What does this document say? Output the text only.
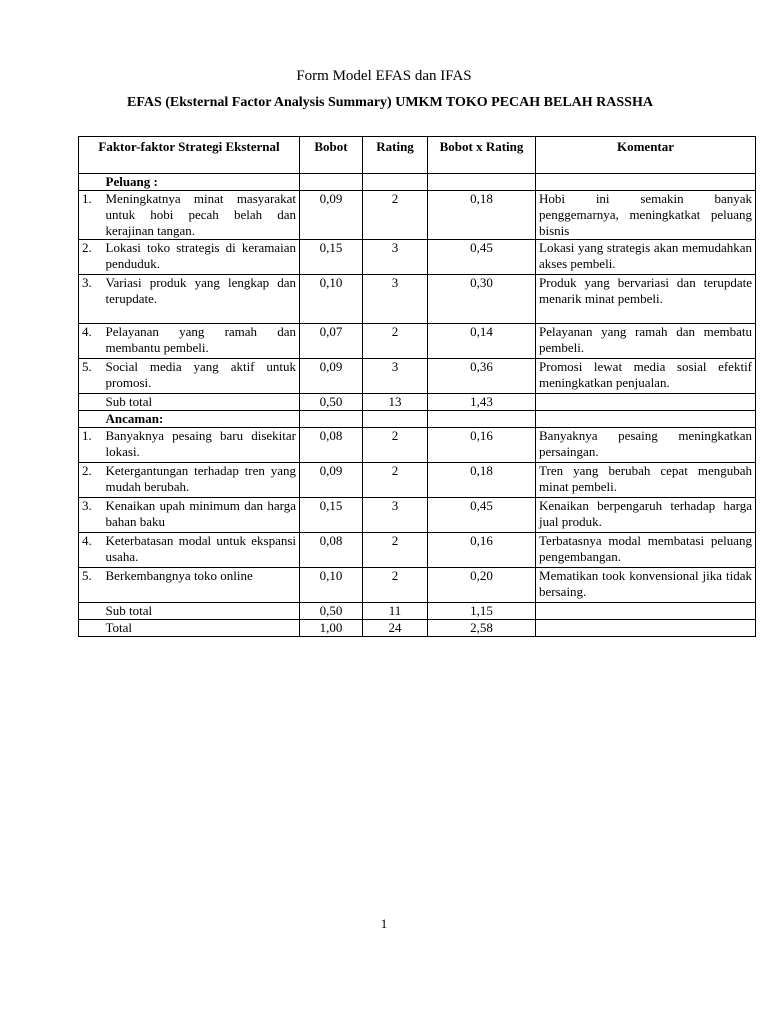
Form Model EFAS dan IFAS
EFAS (Eksternal Factor Analysis Summary) UMKM TOKO PECAH BELAH RASSHA
Faktor-faktor Strategi Eksternal		Bobot	Rating	Bobot x Rating	Komentar
	Peluang :				
1.	Meningkatnya minat masyarakat untuk hobi pecah belah dan kerajinan tangan.	0,09	2	0,18	Hobi ini semakin banyak penggemarnya, meningkatkat peluang bisnis
2.	Lokasi toko strategis di keramaian penduduk.	0,15	3	0,45	Lokasi yang strategis akan memudahkan akses pembeli.
3.	Variasi produk yang lengkap dan terupdate.	0,10	3	0,30	Produk yang bervariasi dan terupdate menarik minat pembeli.
4.	Pelayanan yang ramah dan membantu pembeli.	0,07	2	0,14	Pelayanan yang ramah dan membatu pembeli.
5.	Social media yang aktif untuk promosi.	0,09	3	0,36	Promosi lewat media sosial efektif meningkatkan penjualan.
	Sub total	0,50	13	1,43	
	Ancaman:				
1.	Banyaknya pesaing baru disekitar lokasi.	0,08	2	0,16	Banyaknya pesaing meningkatkan persaingan.
2.	Ketergantungan terhadap tren yang mudah berubah.	0,09	2	0,18	Tren yang berubah cepat mengubah minat pembeli.
3.	Kenaikan upah minimum dan harga bahan baku	0,15	3	0,45	Kenaikan berpengaruh terhadap harga jual produk.
4.	Keterbatasan modal untuk ekspansi usaha.	0,08	2	0,16	Terbatasnya modal membatasi peluang pengembangan.
5.	Berkembangnya toko online	0,10	2	0,20	Mematikan took konvensional jika tidak bersaing.
	Sub total	0,50	11	1,15	
	Total	1,00	24	2,58	
1
